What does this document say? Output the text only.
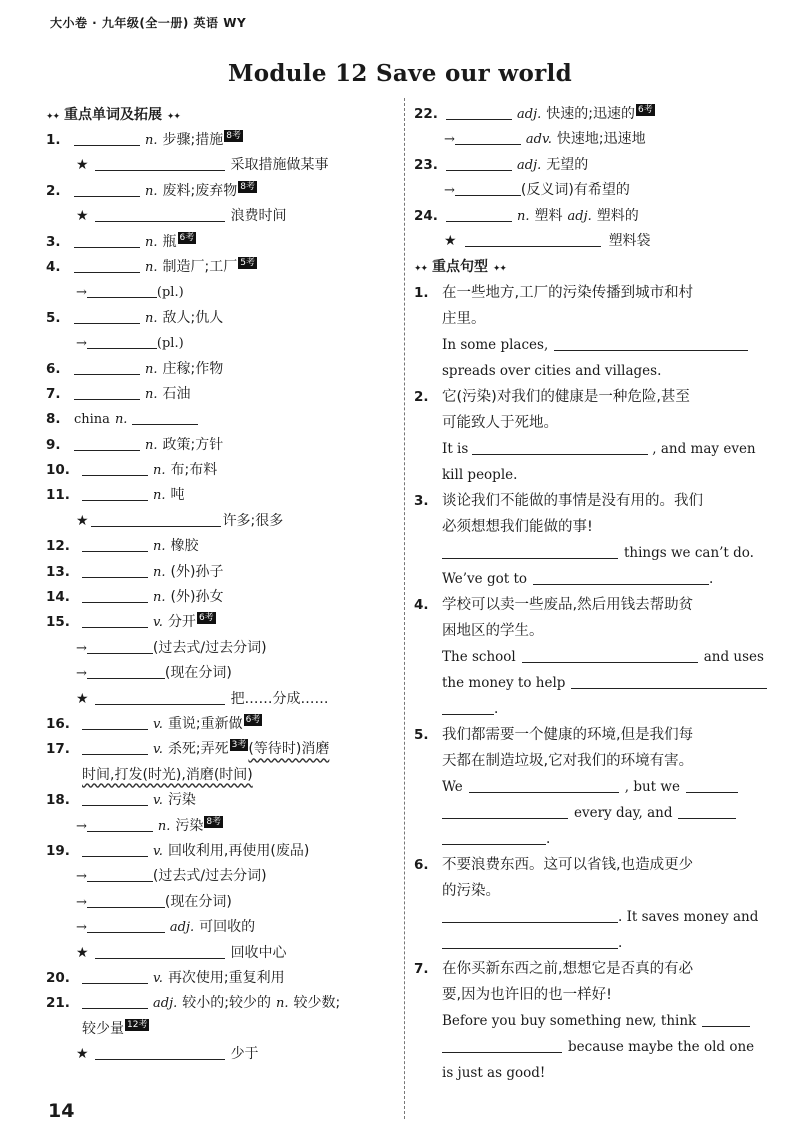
大小卷 · 九年级(全一册) 英语 WY
Module 12 Save our world
✦✦ 重点单词及拓展 ✦✦
1.	n. 步骤;措施 8考
★	采取措施做某事
2.	n. 废料;废弃物 8考
★	浪费时间
3.	n. 瓶 6考
4.	n. 制造厂;工厂 5考
→	(pl.)
5.	n. 敌人;仇人
→	(pl.)
6.	n. 庄稼;作物
7.	n. 石油
8. china n.
9.	n. 政策;方针
10.	n. 布;布料
11.	n. 吨
★	许多;很多
12.	n. 橡胶
13.	n. (外)孙子
14.	n. (外)孙女
15.	v. 分开 6考
→	(过去式/过去分词)
→	(现在分词)
★	把……分成……
16.	v. 重说;重新做 6考
17.	v. 杀死;弄死 3考 (等待时)消磨
时间,打发(时光),消磨(时间)
18.	v. 污染
→	n. 污染 8考
19.	v. 回收利用,再使用(废品)
→	(过去式/过去分词)
→	(现在分词)
→	adj. 可回收的
★	回收中心
20.	v. 再次使用;重复利用
21.	adj. 较小的;较少的 n. 较少数;
较少量 12考
★	少于
22.	adj. 快速的;迅速的 6考
→	adv. 快速地;迅速地
23.	adj. 无望的
→	(反义词)有希望的
24.	n. 塑料 adj. 塑料的
★	塑料袋
✦✦ 重点句型 ✦✦
1. 在一些地方,工厂的污染传播到城市和村
庄里。
In some places,
spreads over cities and villages.
2. 它(污染)对我们的健康是一种危险,甚至
可能致人于死地。
It is	, and may even
kill people.
3. 谈论我们不能做的事情是没有用的。我们
必须想想我们能做的事!
things we can’t do.
We’ve got to	.
4. 学校可以卖一些废品,然后用钱去帮助贫
困地区的学生。
The school	and uses
the money to help
.
5. 我们都需要一个健康的环境,但是我们每
天都在制造垃圾,它对我们的环境有害。
We	, but we
every day, and
.
6. 不要浪费东西。这可以省钱,也造成更少
的污染。
. It saves money and
.
7. 在你买新东西之前,想想它是否真的有必
要,因为也许旧的也一样好!
Before you buy something new, think
because maybe the old one
is just as good!
14
